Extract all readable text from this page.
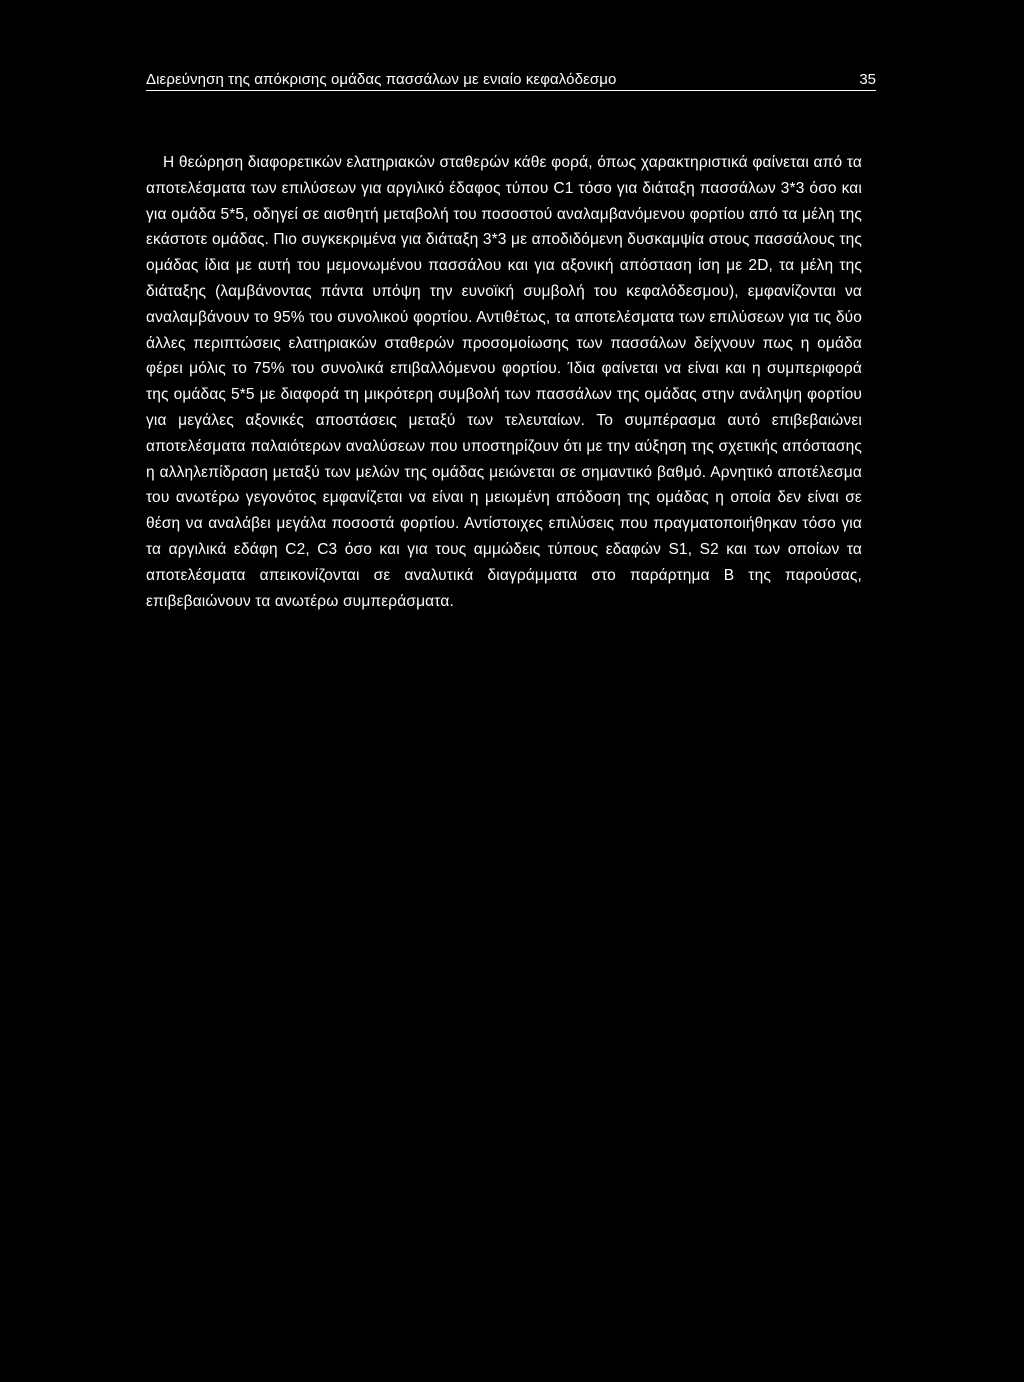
Διερεύνηση της απόκρισης ομάδας πασσάλων με ενιαίο κεφαλόδεσμο	35

Η θεώρηση διαφορετικών ελατηριακών σταθερών κάθε φορά, όπως χαρακτηριστικά φαίνεται από τα αποτελέσματα των επιλύσεων για αργιλικό έδαφος τύπου C1 τόσο για διάταξη πασσάλων 3*3 όσο και για ομάδα 5*5, οδηγεί σε αισθητή μεταβολή του ποσοστού αναλαμβανόμενου φορτίου από τα μέλη της εκάστοτε ομάδας. Πιο συγκεκριμένα για διάταξη 3*3 με αποδιδόμενη δυσκαμψία στους πασσάλους της ομάδας ίδια με αυτή του μεμονωμένου πασσάλου και για αξονική απόσταση ίση με 2D, τα μέλη της διάταξης (λαμβάνοντας πάντα υπόψη την ευνοϊκή συμβολή του κεφαλόδεσμου), εμφανίζονται να αναλαμβάνουν το 95% του συνολικού φορτίου. Αντιθέτως, τα αποτελέσματα των επιλύσεων για τις δύο άλλες περιπτώσεις ελατηριακών σταθερών προσομοίωσης των πασσάλων δείχνουν πως η ομάδα φέρει μόλις το 75% του συνολικά επιβαλλόμενου φορτίου. Ίδια φαίνεται να είναι και η συμπεριφορά της ομάδας 5*5 με διαφορά τη μικρότερη συμβολή των πασσάλων της ομάδας στην ανάληψη φορτίου για μεγάλες αξονικές αποστάσεις μεταξύ των τελευταίων. Το συμπέρασμα αυτό επιβεβαιώνει αποτελέσματα παλαιότερων αναλύσεων που υποστηρίζουν ότι με την αύξηση της σχετικής απόστασης η αλληλεπίδραση μεταξύ των μελών της ομάδας μειώνεται σε σημαντικό βαθμό. Αρνητικό αποτέλεσμα του ανωτέρω γεγονότος εμφανίζεται να είναι η μειωμένη απόδοση της ομάδας η οποία δεν είναι σε θέση να αναλάβει μεγάλα ποσοστά φορτίου. Αντίστοιχες επιλύσεις που πραγματοποιήθηκαν τόσο για τα αργιλικά εδάφη C2, C3 όσο και για τους αμμώδεις τύπους εδαφών S1, S2 και των οποίων τα αποτελέσματα απεικονίζονται σε αναλυτικά διαγράμματα στο παράρτημα Β της παρούσας, επιβεβαιώνουν τα ανωτέρω συμπεράσματα.
